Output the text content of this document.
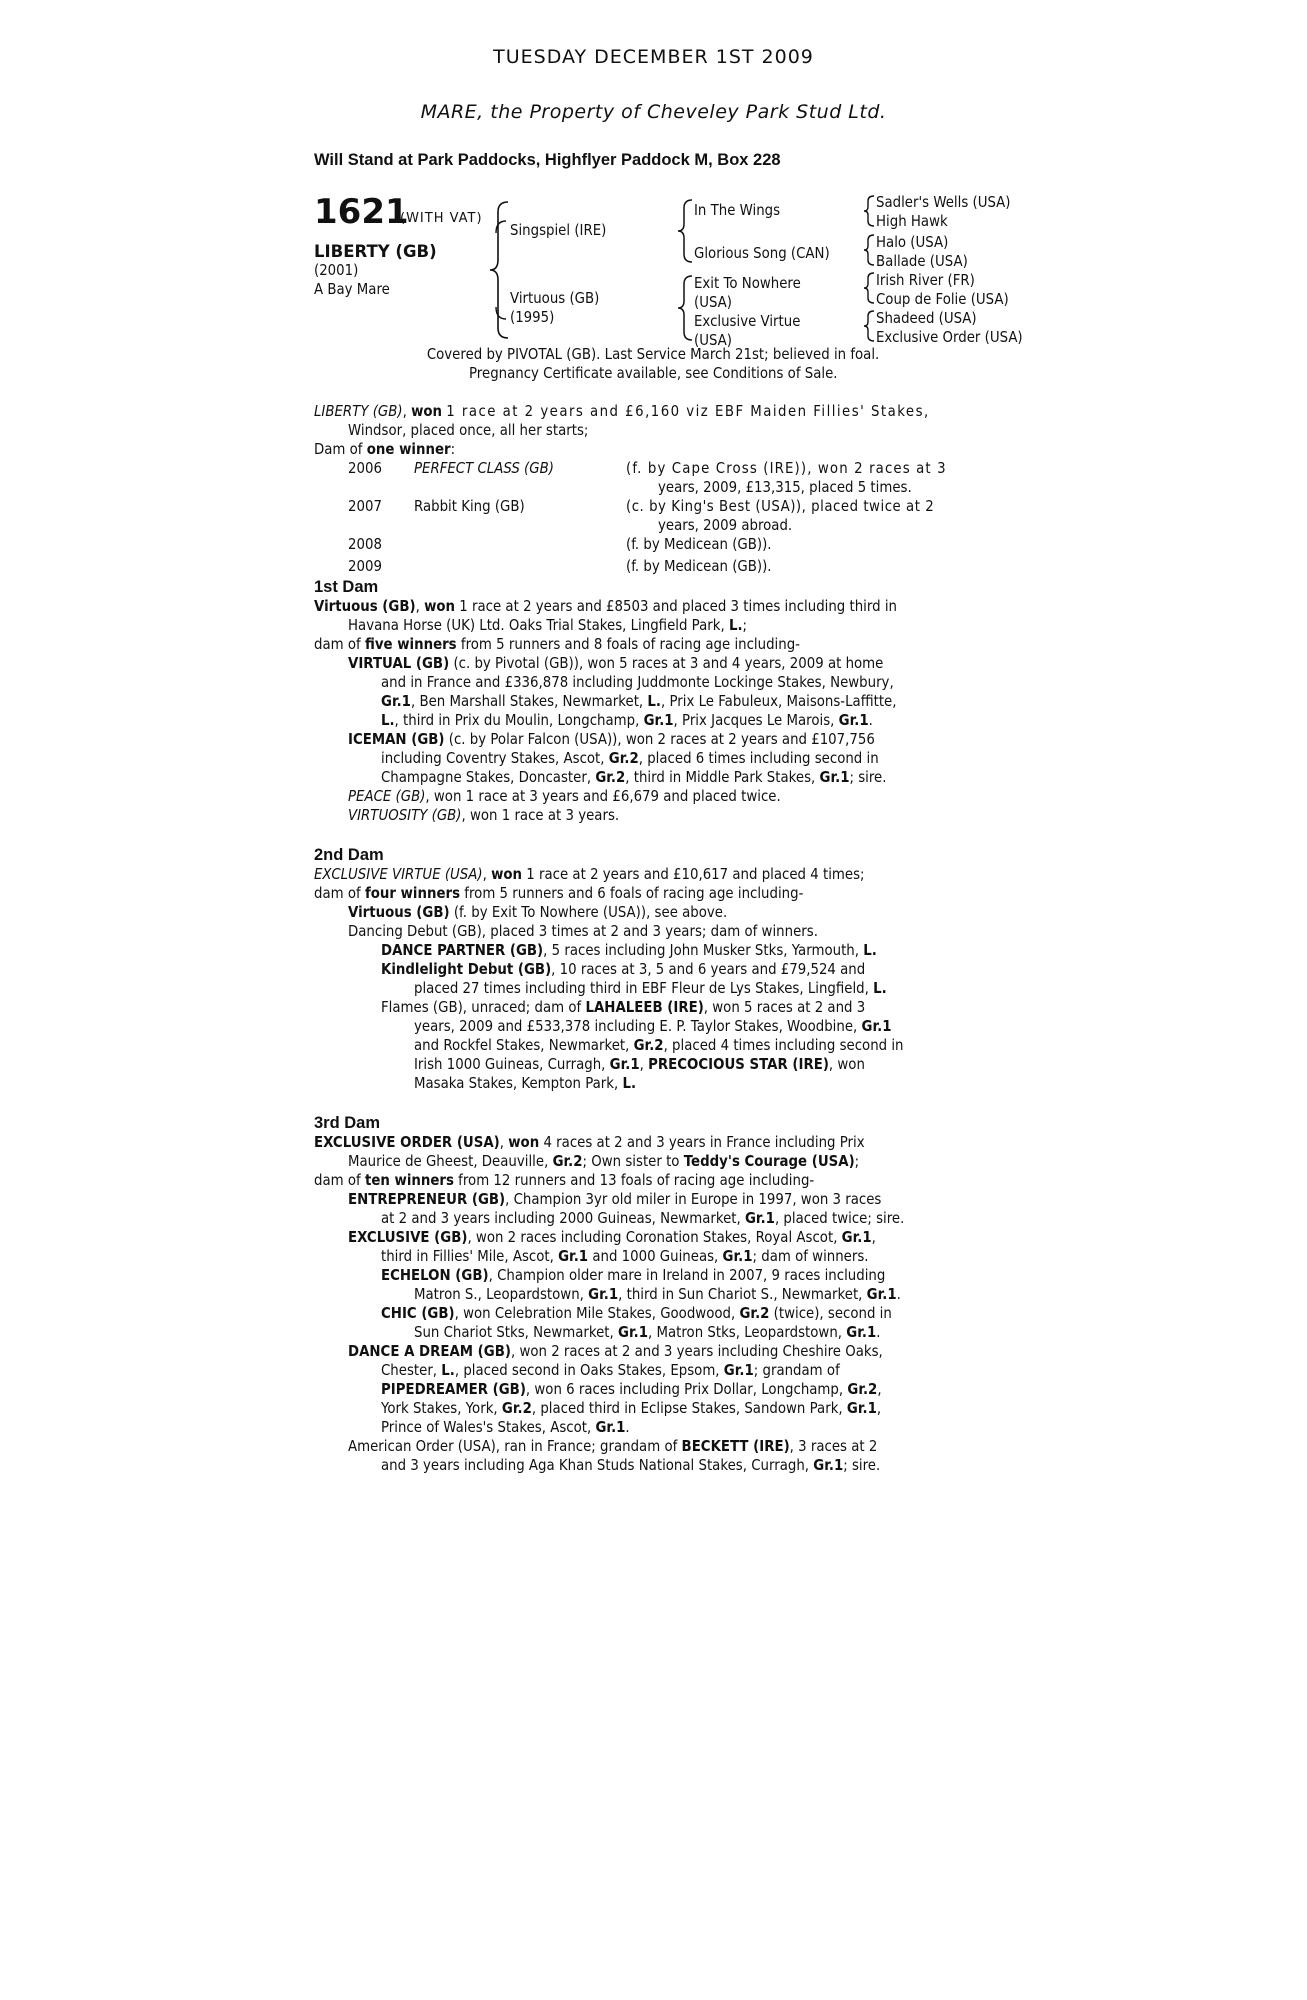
TUESDAY DECEMBER 1ST 2009
MARE, the Property of Cheveley Park Stud Ltd.
Will Stand at Park Paddocks, Highflyer Paddock M, Box 228
1621
(WITH VAT)
LIBERTY (GB)
(2001)
A Bay Mare
Singspiel (IRE)
Virtuous (GB)
(1995)
In The Wings
Glorious Song (CAN)
Exit To Nowhere
(USA)
Exclusive Virtue
(USA)
Sadler's Wells (USA)
High Hawk
Halo (USA)
Ballade (USA)
Irish River (FR)
Coup de Folie (USA)
Shadeed (USA)
Exclusive Order (USA)
Covered by PIVOTAL (GB). Last Service March 21st; believed in foal.
Pregnancy Certificate available, see Conditions of Sale.
LIBERTY (GB), won 1 race at 2 years and £6,160 viz EBF Maiden Fillies' Stakes,
Windsor, placed once, all her starts;
Dam of one winner:
2006 PERFECT CLASS (GB)	(f. by Cape Cross (IRE)), won 2 races at 3
years, 2009, £13,315, placed 5 times.
2007 Rabbit King (GB)	(c. by King's Best (USA)), placed twice at 2
years, 2009 abroad.
2008	(f. by Medicean (GB)).
2009	(f. by Medicean (GB)).
1st Dam
Virtuous (GB), won 1 race at 2 years and £8503 and placed 3 times including third in
Havana Horse (UK) Ltd. Oaks Trial Stakes, Lingfield Park, L.;
dam of five winners from 5 runners and 8 foals of racing age including-
VIRTUAL (GB) (c. by Pivotal (GB)), won 5 races at 3 and 4 years, 2009 at home
and in France and £336,878 including Juddmonte Lockinge Stakes, Newbury,
Gr.1, Ben Marshall Stakes, Newmarket, L., Prix Le Fabuleux, Maisons-Laffitte,
L., third in Prix du Moulin, Longchamp, Gr.1, Prix Jacques Le Marois, Gr.1.
ICEMAN (GB) (c. by Polar Falcon (USA)), won 2 races at 2 years and £107,756
including Coventry Stakes, Ascot, Gr.2, placed 6 times including second in
Champagne Stakes, Doncaster, Gr.2, third in Middle Park Stakes, Gr.1; sire.
PEACE (GB), won 1 race at 3 years and £6,679 and placed twice.
VIRTUOSITY (GB), won 1 race at 3 years.
2nd Dam
EXCLUSIVE VIRTUE (USA), won 1 race at 2 years and £10,617 and placed 4 times;
dam of four winners from 5 runners and 6 foals of racing age including-
Virtuous (GB) (f. by Exit To Nowhere (USA)), see above.
Dancing Debut (GB), placed 3 times at 2 and 3 years; dam of winners.
DANCE PARTNER (GB), 5 races including John Musker Stks, Yarmouth, L.
Kindlelight Debut (GB), 10 races at 3, 5 and 6 years and £79,524 and
placed 27 times including third in EBF Fleur de Lys Stakes, Lingfield, L.
Flames (GB), unraced; dam of LAHALEEB (IRE), won 5 races at 2 and 3
years, 2009 and £533,378 including E. P. Taylor Stakes, Woodbine, Gr.1
and Rockfel Stakes, Newmarket, Gr.2, placed 4 times including second in
Irish 1000 Guineas, Curragh, Gr.1, PRECOCIOUS STAR (IRE), won
Masaka Stakes, Kempton Park, L.
3rd Dam
EXCLUSIVE ORDER (USA), won 4 races at 2 and 3 years in France including Prix
Maurice de Gheest, Deauville, Gr.2; Own sister to Teddy's Courage (USA);
dam of ten winners from 12 runners and 13 foals of racing age including-
ENTREPRENEUR (GB), Champion 3yr old miler in Europe in 1997, won 3 races
at 2 and 3 years including 2000 Guineas, Newmarket, Gr.1, placed twice; sire.
EXCLUSIVE (GB), won 2 races including Coronation Stakes, Royal Ascot, Gr.1,
third in Fillies' Mile, Ascot, Gr.1 and 1000 Guineas, Gr.1; dam of winners.
ECHELON (GB), Champion older mare in Ireland in 2007, 9 races including
Matron S., Leopardstown, Gr.1, third in Sun Chariot S., Newmarket, Gr.1.
CHIC (GB), won Celebration Mile Stakes, Goodwood, Gr.2 (twice), second in
Sun Chariot Stks, Newmarket, Gr.1, Matron Stks, Leopardstown, Gr.1.
DANCE A DREAM (GB), won 2 races at 2 and 3 years including Cheshire Oaks,
Chester, L., placed second in Oaks Stakes, Epsom, Gr.1; grandam of
PIPEDREAMER (GB), won 6 races including Prix Dollar, Longchamp, Gr.2,
York Stakes, York, Gr.2, placed third in Eclipse Stakes, Sandown Park, Gr.1,
Prince of Wales's Stakes, Ascot, Gr.1.
American Order (USA), ran in France; grandam of BECKETT (IRE), 3 races at 2
and 3 years including Aga Khan Studs National Stakes, Curragh, Gr.1; sire.
